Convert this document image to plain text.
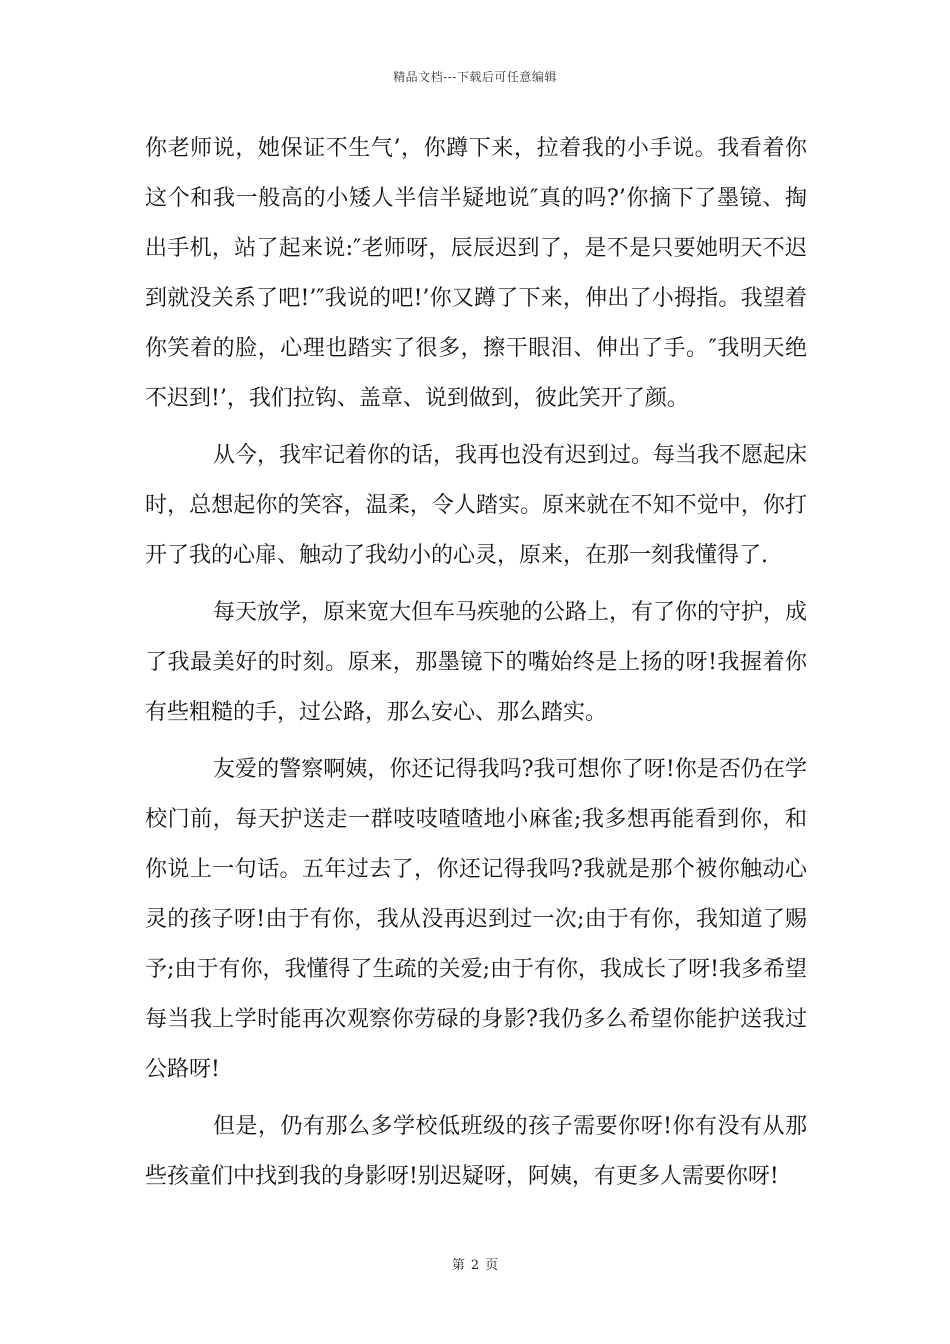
精品文档---下载后可任意编辑

你老师说，她保证不生气’，你蹲下来，拉着我的小手说。我看着你这个和我一般高的小矮人半信半疑地说″真的吗?’你摘下了墨镜、掏出手机，站了起来说:″老师呀，辰辰迟到了，是不是只要她明天不迟到就没关系了吧!’″我说的吧!’你又蹲了下来，伸出了小拇指。我望着你笑着的脸，心理也踏实了很多，擦干眼泪、伸出了手。″我明天绝不迟到!’，我们拉钩、盖章、说到做到，彼此笑开了颜。

从今，我牢记着你的话，我再也没有迟到过。每当我不愿起床时，总想起你的笑容，温柔，令人踏实。原来就在不知不觉中，你打开了我的心扉、触动了我幼小的心灵，原来，在那一刻我懂得了.

每天放学，原来宽大但车马疾驰的公路上，有了你的守护，成了我最美好的时刻。原来，那墨镜下的嘴始终是上扬的呀!我握着你有些粗糙的手，过公路，那么安心、那么踏实。

友爱的警察啊姨，你还记得我吗?我可想你了呀!你是否仍在学校门前，每天护送走一群吱吱喳喳地小麻雀;我多想再能看到你，和你说上一句话。五年过去了，你还记得我吗?我就是那个被你触动心灵的孩子呀!由于有你，我从没再迟到过一次;由于有你，我知道了赐予;由于有你，我懂得了生疏的关爱;由于有你，我成长了呀!我多希望每当我上学时能再次观察你劳碌的身影?我仍多么希望你能护送我过公路呀!

但是，仍有那么多学校低班级的孩子需要你呀!你有没有从那些孩童们中找到我的身影呀!别迟疑呀，阿姨，有更多人需要你呀!

第 2 页
